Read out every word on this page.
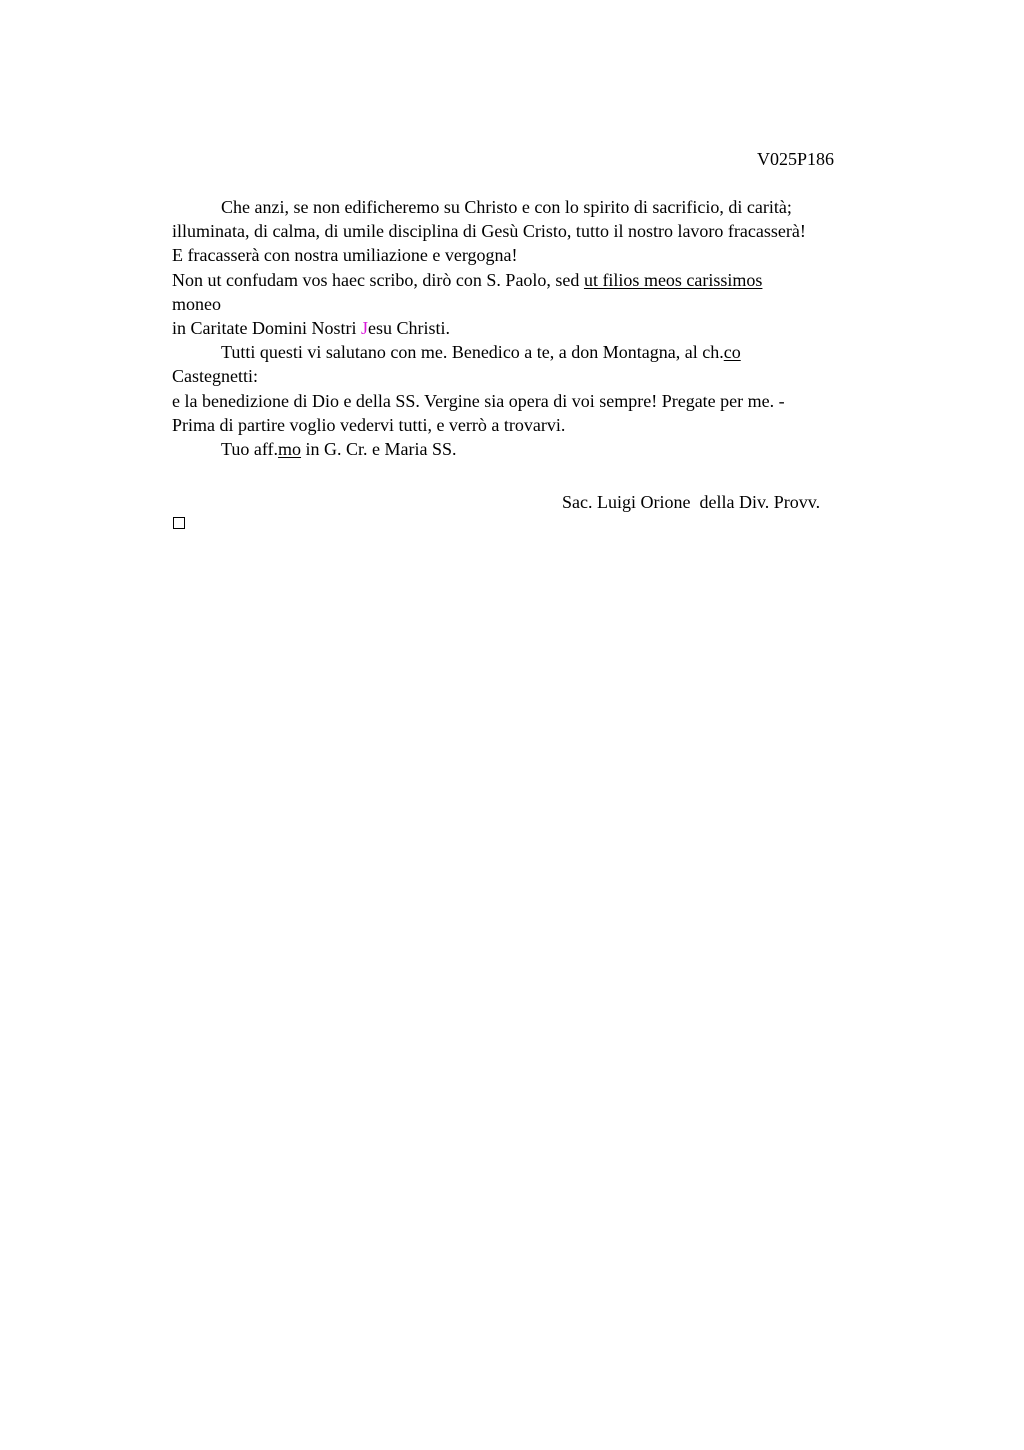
V025P186
Che anzi, se non edificheremo su Christo e con lo spirito di sacrificio, di carità;
illuminata, di calma, di umile disciplina di Gesù Cristo, tutto il nostro lavoro fracasserà!
E fracasserà con nostra umiliazione e vergogna!
Non ut confudam vos haec scribo, dirò con S. Paolo, sed ut filios meos carissimos
moneo
in Caritate Domini Nostri Jesu Christi.
Tutti questi vi salutano con me. Benedico a te, a don Montagna, al ch.co
Castegnetti:
e la benedizione di Dio e della SS. Vergine sia opera di voi sempre! Pregate per me. -
Prima di partire voglio vedervi tutti, e verrò a trovarvi.
Tuo aff.mo in G. Cr. e Maria SS.
Sac. Luigi Orione  della Div. Provv.
